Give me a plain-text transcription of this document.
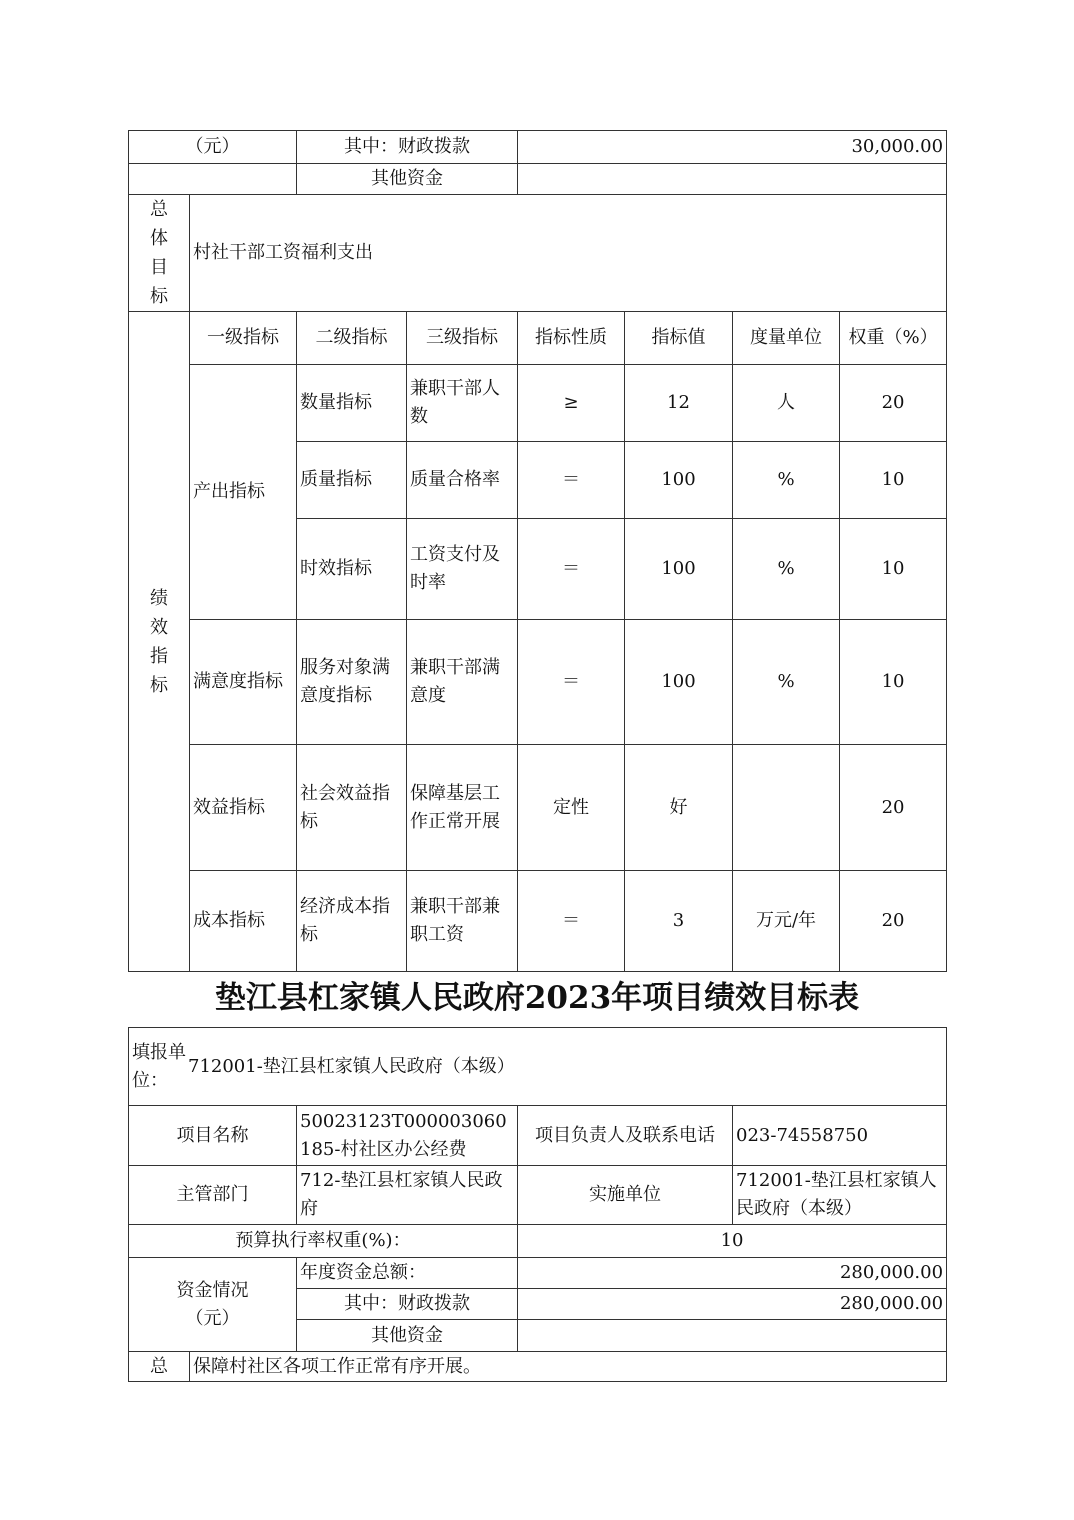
（元）		其中：财政拨款		30,000.00			
		其他资金					

总
体
目
标	村社干部工资福利支出						

绩
效
指
标	一级指标	二级指标	三级指标	指标性质	指标值	度量单位	权重（%）
	产出指标	数量指标	兼职干部人数	≥	12	人	20
		质量指标	质量合格率	＝	100	%	10
		时效指标	工资支付及时率	＝	100	%	10
	满意度指标	服务对象满意度指标	兼职干部满意度	＝	100	%	10
	效益指标	社会效益指标	保障基层工作正常开展	定性	好		20
	成本指标	经济成本指标	兼职干部兼职工资	＝	3	万元/年	20
垫江县杠家镇人民政府2023年项目绩效目标表
填报单位：
712001-垫江县杠家镇人民政府（本级）				

项目名称		50023123T000003060185-村社区办公经费	项目负责人及联系电话	023-74558750
主管部门		712-垫江县杠家镇人民政府	实施单位	712001-垫江县杠家镇人民政府（本级）
预算执行率权重(%)：			10	
资金情况（元）		年度资金总额：	280,000.00	
		其中：财政拨款	280,000.00	
		其他资金		
总	保障村社区各项工作正常有序开展。			
